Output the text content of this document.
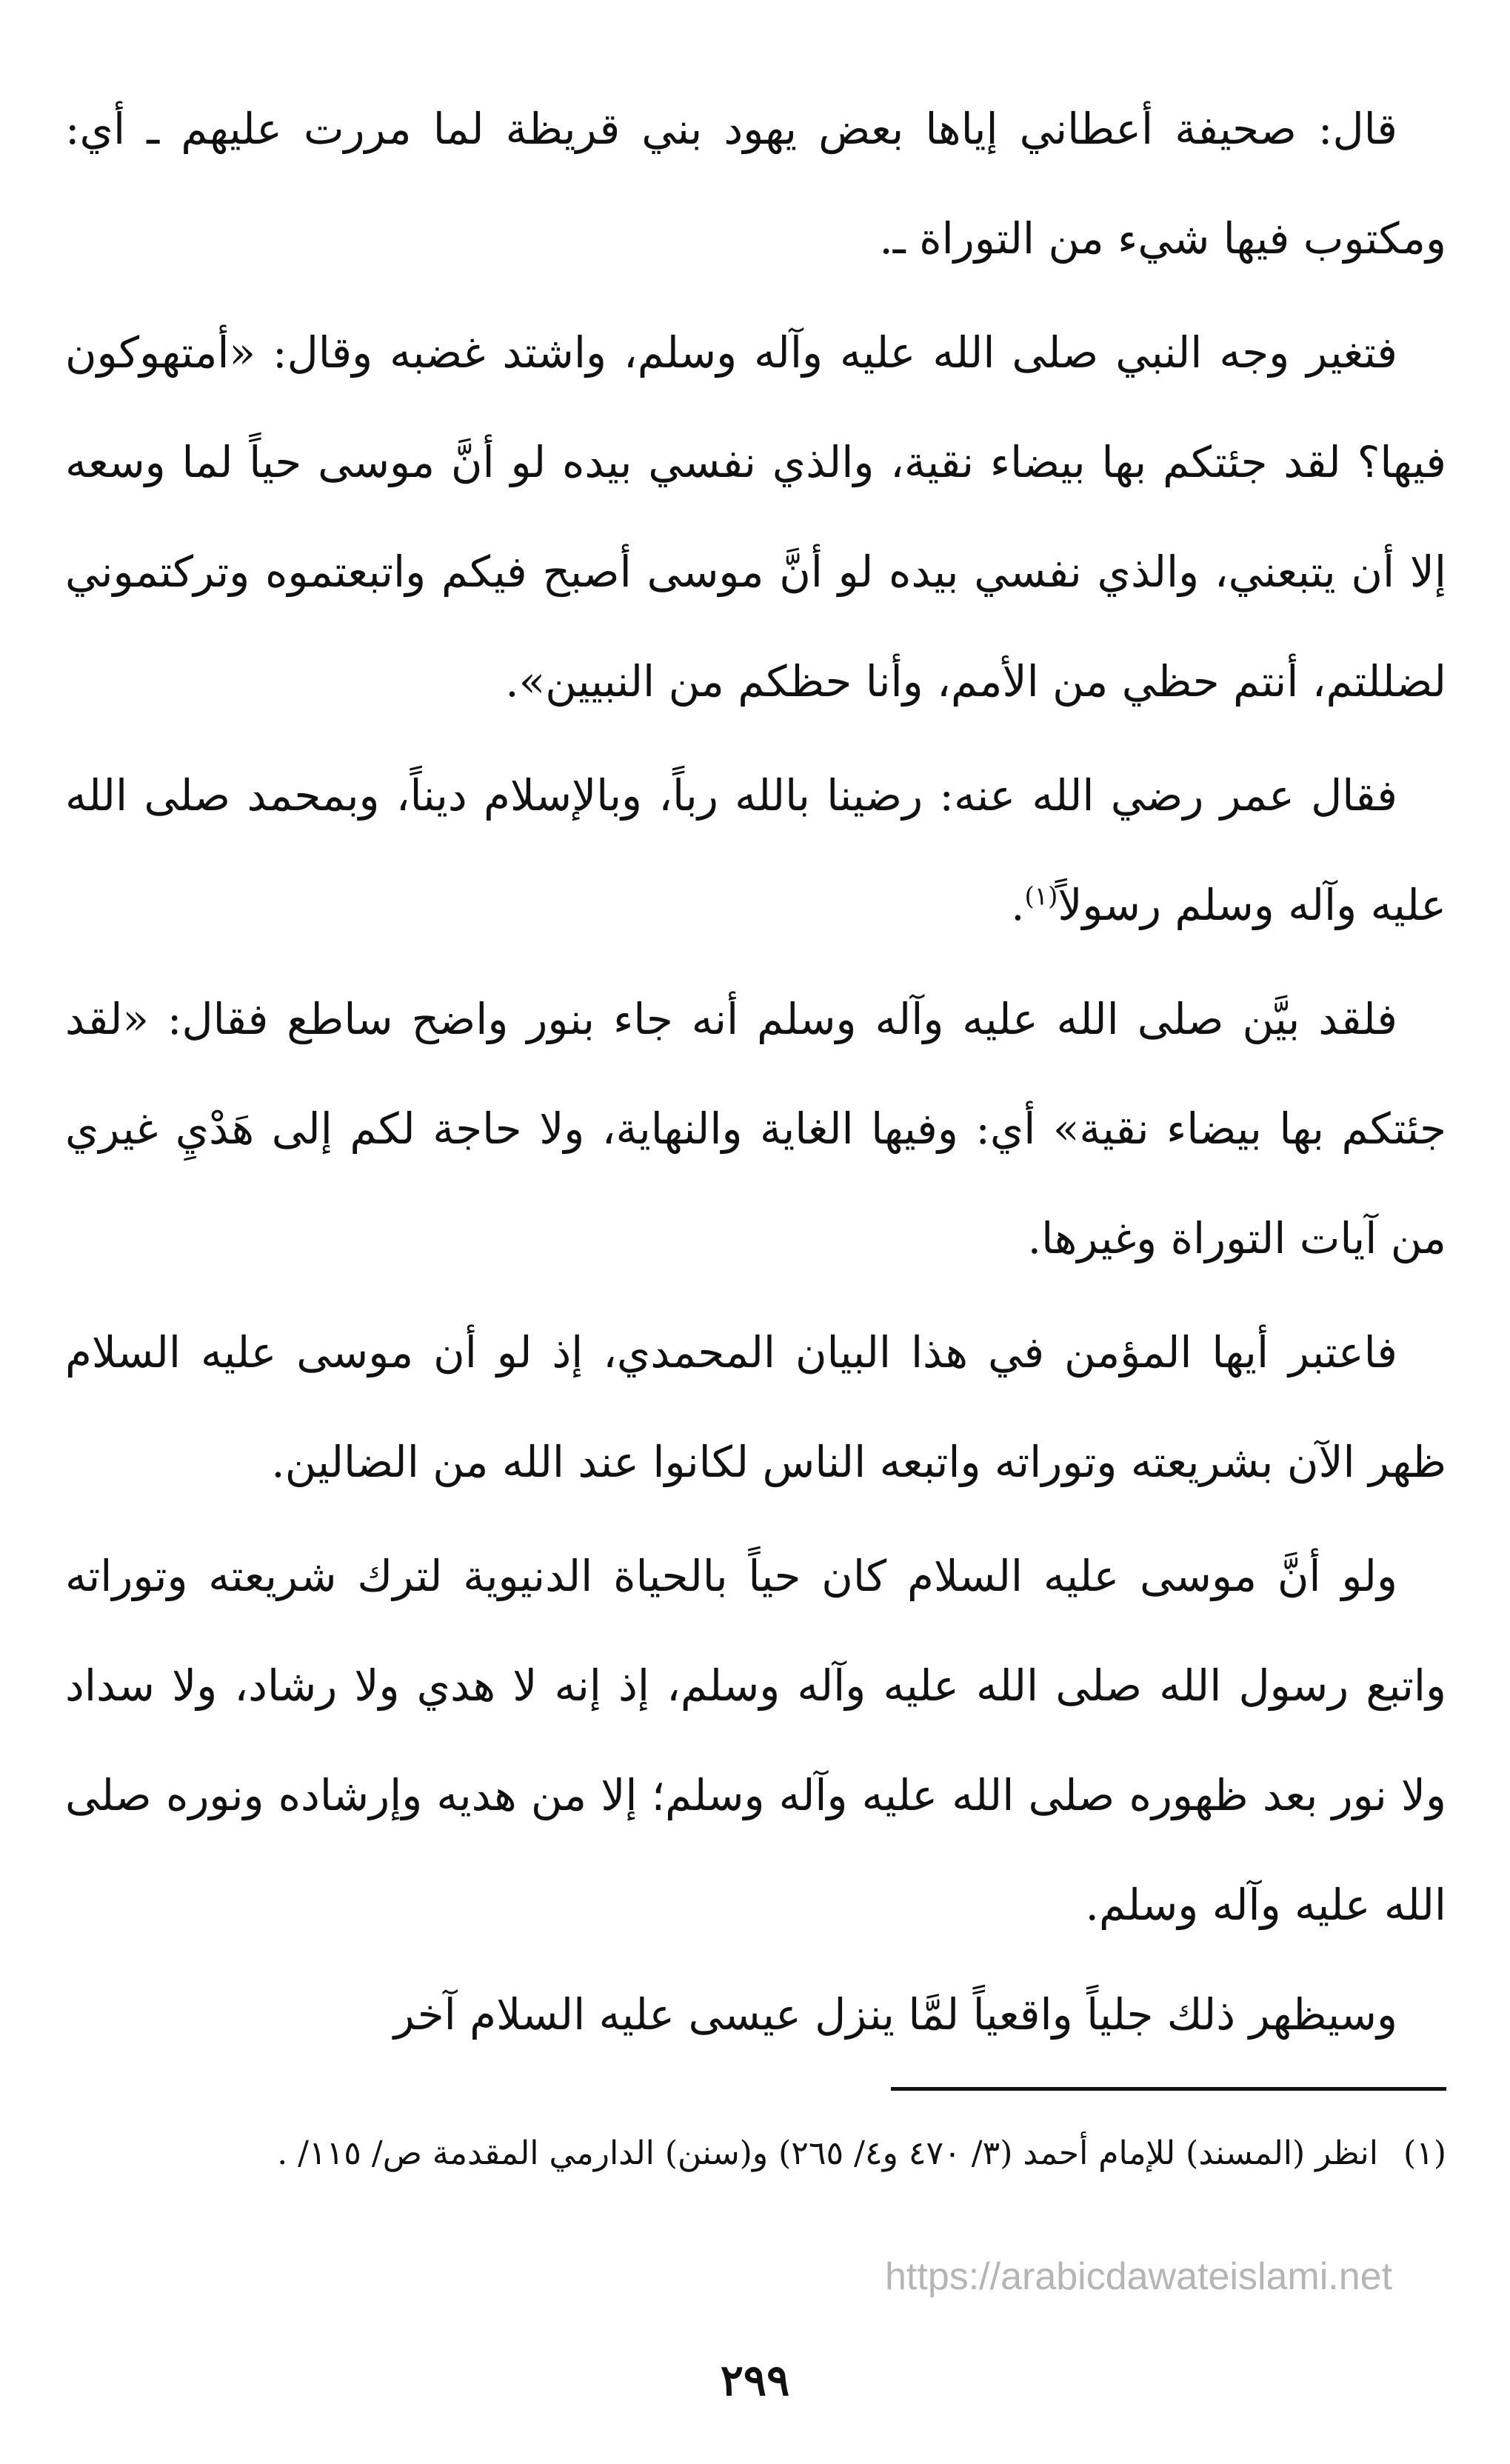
قال: صحيفة أعطاني إياها بعض يهود بني قريظة لما مررت عليهم ـ أي: ومكتوب فيها شيء من التوراة ـ.

فتغير وجه النبي صلى الله عليه وآله وسلم، واشتد غضبه وقال: «أمتهوكون فيها؟ لقد جئتكم بها بيضاء نقية، والذي نفسي بيده لو أنَّ موسى حياً لما وسعه إلا أن يتبعني، والذي نفسي بيده لو أنَّ موسى أصبح فيكم واتبعتموه وتركتموني لضللتم، أنتم حظي من الأمم، وأنا حظكم من النبيين».

فقال عمر رضي الله عنه: رضينا بالله رباً، وبالإسلام ديناً، وبمحمد صلى الله عليه وآله وسلم رسولاً$^{(١)}$.

فلقد بيَّن صلى الله عليه وآله وسلم أنه جاء بنور واضح ساطع فقال: «لقد جئتكم بها بيضاء نقية» أي: وفيها الغاية والنهاية، ولا حاجة لكم إلى هَدْيِ غيري من آيات التوراة وغيرها.

فاعتبر أيها المؤمن في هذا البيان المحمدي، إذ لو أن موسى عليه السلام ظهر الآن بشريعته وتوراته واتبعه الناس لكانوا عند الله من الضالين.

ولو أنَّ موسى عليه السلام كان حياً بالحياة الدنيوية لترك شريعته وتوراته واتبع رسول الله صلى الله عليه وآله وسلم، إذ إنه لا هدي ولا رشاد، ولا سداد ولا نور بعد ظهوره صلى الله عليه وآله وسلم؛ إلا من هديه وإرشاده ونوره صلى الله عليه وآله وسلم.

وسيظهر ذلك جلياً واقعياً لمَّا ينزل عيسى عليه السلام آخر

(١)انظر (المسند) للإمام أحمد (٣/ ٤٧٠ و٤/ ٢٦٥) و(سنن) الدارمي المقدمة ص/ ١١٥/ .
https://arabicdawateislami.net
٢٩٩
